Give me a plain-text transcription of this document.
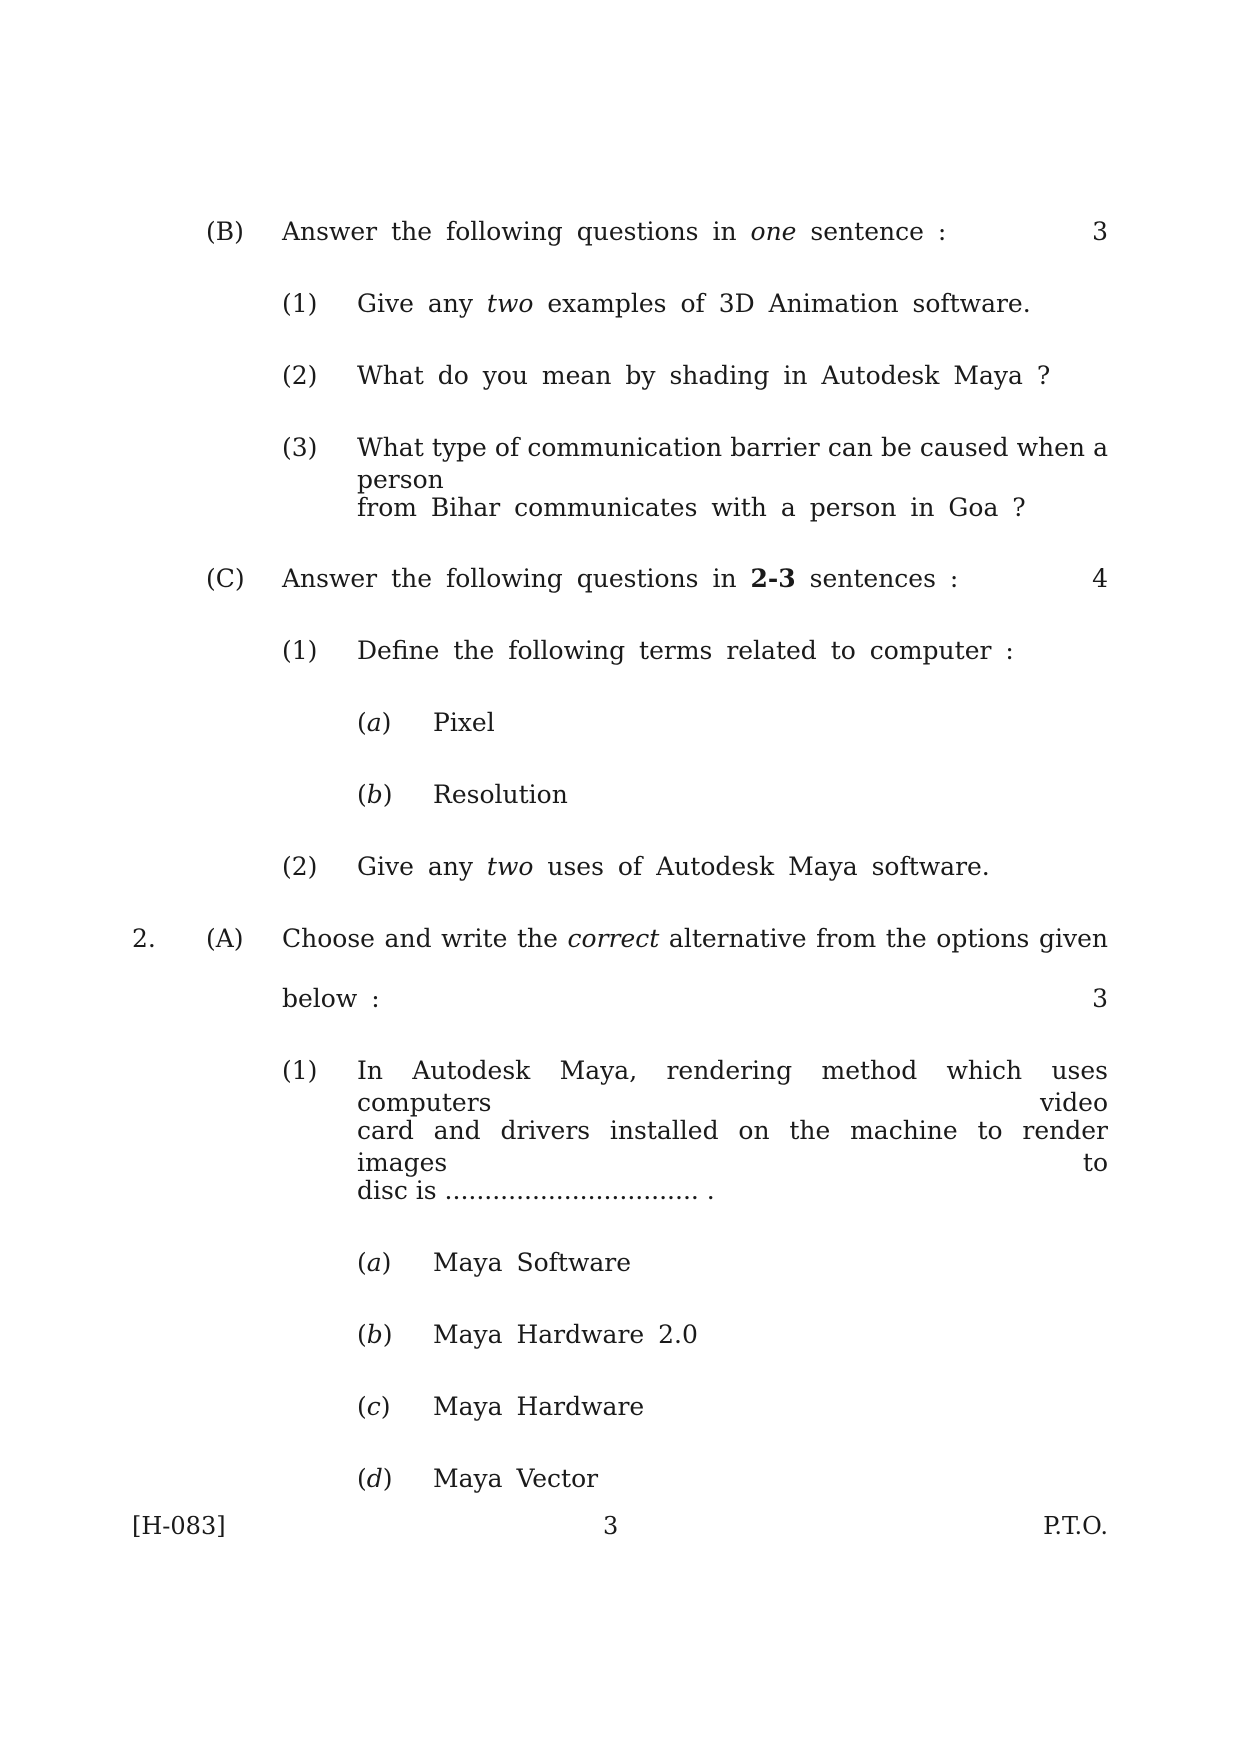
(B) Answer the following questions in one sentence :	3
(1) Give any two examples of 3D Animation software.
(2) What do you mean by shading in Autodesk Maya ?
(3) What type of communication barrier can be caused when a person
from Bihar communicates with a person in Goa ?
(C) Answer the following questions in 2-3 sentences :	4
(1) Define the following terms related to computer :
(a) Pixel
(b) Resolution
(2) Give any two uses of Autodesk Maya software.
2. (A) Choose and write the correct alternative from the options given
below :	3
(1) In Autodesk Maya, rendering method which uses computers video
card and drivers installed on the machine to render images to
disc is ................................ .
(a) Maya Software
(b) Maya Hardware 2.0
(c) Maya Hardware
(d) Maya Vector
[H-083]	3	P.T.O.
